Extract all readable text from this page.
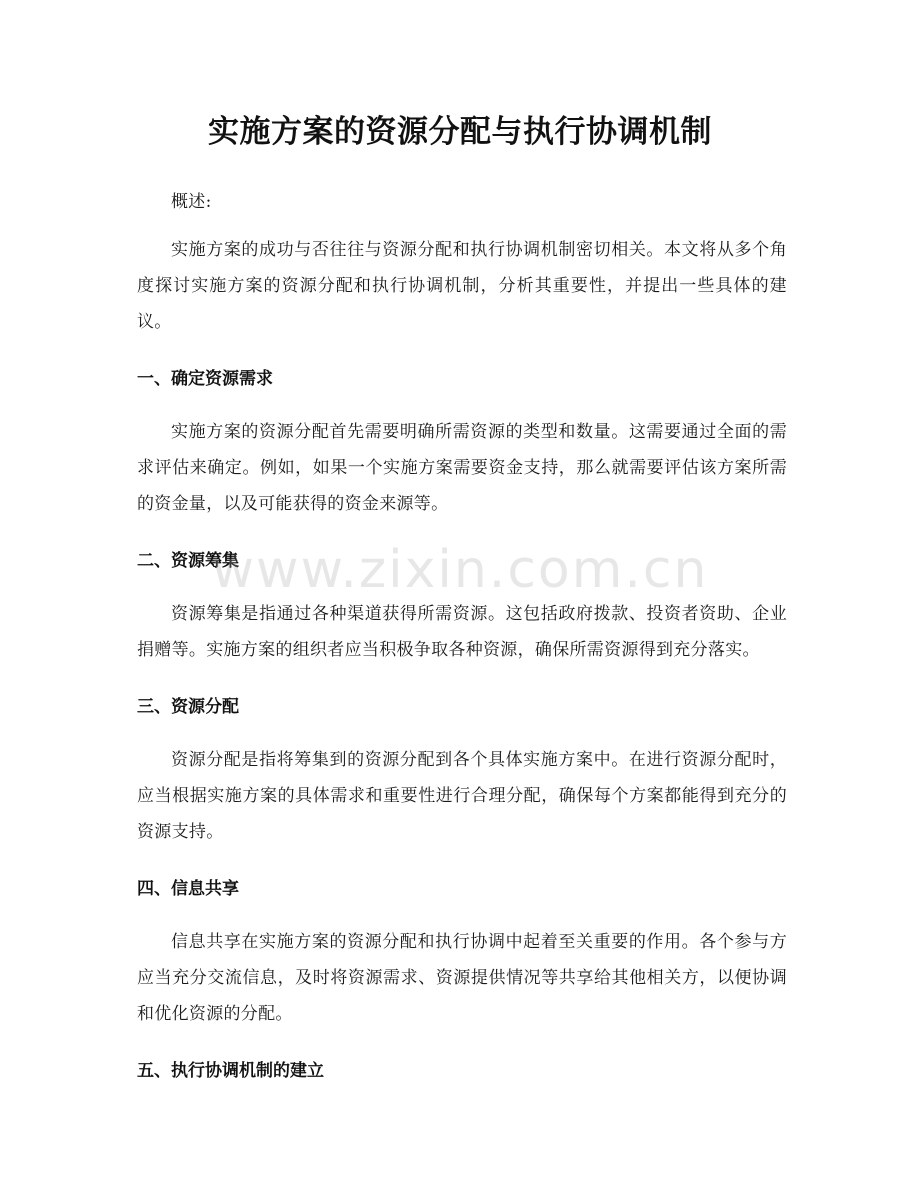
实施方案的资源分配与执行协调机制

概述:

实施方案的成功与否往往与资源分配和执行协调机制密切相关。本文将从多个角度探讨实施方案的资源分配和执行协调机制，分析其重要性，并提出一些具体的建议。

一、确定资源需求

实施方案的资源分配首先需要明确所需资源的类型和数量。这需要通过全面的需求评估来确定。例如，如果一个实施方案需要资金支持，那么就需要评估该方案所需的资金量，以及可能获得的资金来源等。

二、资源筹集

资源筹集是指通过各种渠道获得所需资源。这包括政府拨款、投资者资助、企业捐赠等。实施方案的组织者应当积极争取各种资源，确保所需资源得到充分落实。

三、资源分配

资源分配是指将筹集到的资源分配到各个具体实施方案中。在进行资源分配时，应当根据实施方案的具体需求和重要性进行合理分配，确保每个方案都能得到充分的资源支持。

四、信息共享

信息共享在实施方案的资源分配和执行协调中起着至关重要的作用。各个参与方应当充分交流信息，及时将资源需求、资源提供情况等共享给其他相关方，以便协调和优化资源的分配。

五、执行协调机制的建立
www.zixin.com.cn
